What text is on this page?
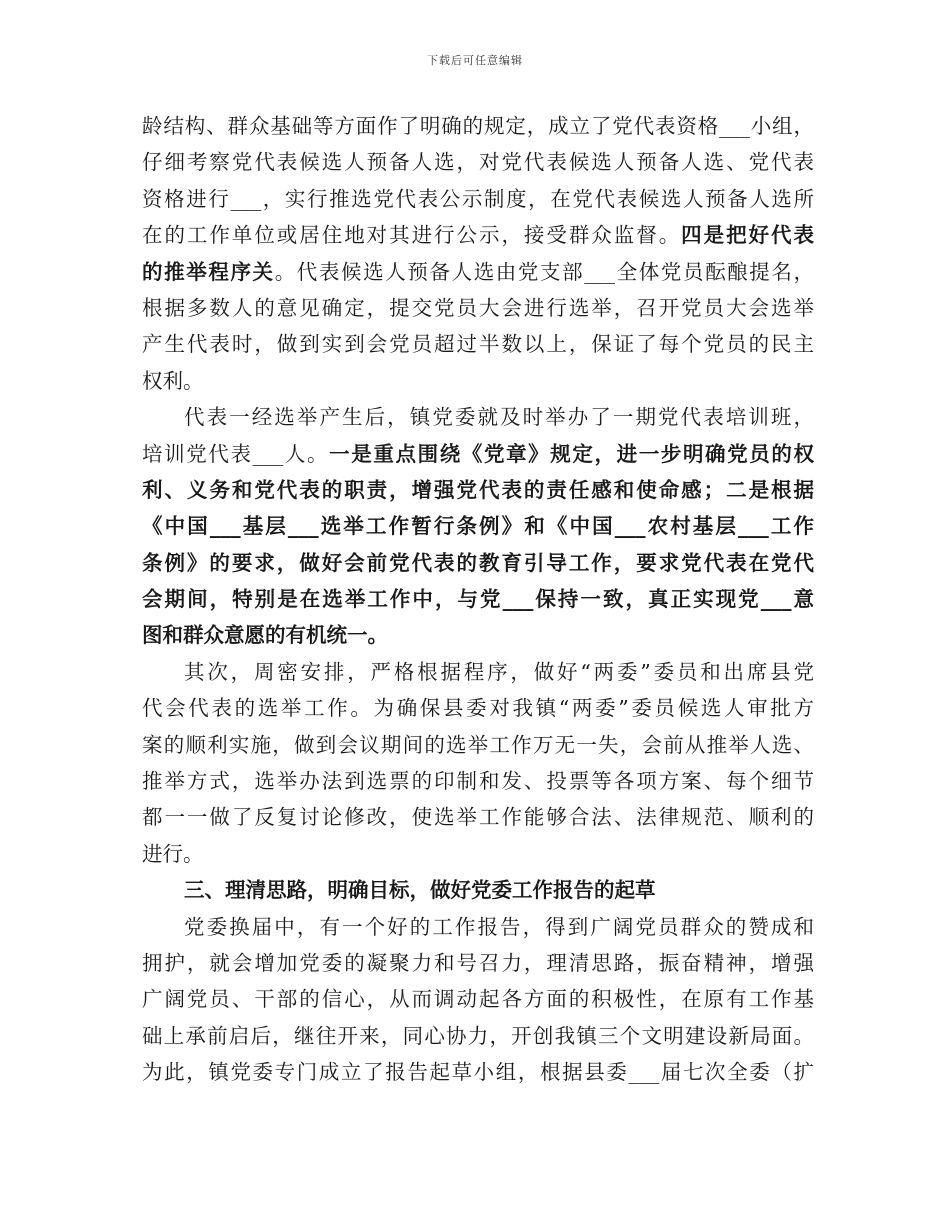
下载后可任意编辑
龄结构、群众基础等方面作了明确的规定，成立了党代表资格___小组，
仔细考察党代表候选人预备人选，对党代表候选人预备人选、党代表
资格进行___，实行推选党代表公示制度，在党代表候选人预备人选所
在的工作单位或居住地对其进行公示，接受群众监督。四是把好代表
的推举程序关。代表候选人预备人选由党支部___全体党员酝酿提名，
根据多数人的意见确定，提交党员大会进行选举，召开党员大会选举
产生代表时，做到实到会党员超过半数以上，保证了每个党员的民主
权利。
代表一经选举产生后，镇党委就及时举办了一期党代表培训班，
培训党代表___人。一是重点围绕《党章》规定，进一步明确党员的权
利、义务和党代表的职责，增强党代表的责任感和使命感；二是根据
《中国___基层___选举工作暂行条例》和《中国___农村基层___工作
条例》的要求，做好会前党代表的教育引导工作，要求党代表在党代
会期间，特别是在选举工作中，与党___保持一致，真正实现党___意
图和群众意愿的有机统一。
其次，周密安排，严格根据程序，做好“两委”委员和出席县党
代会代表的选举工作。为确保县委对我镇“两委”委员候选人审批方
案的顺利实施，做到会议期间的选举工作万无一失，会前从推举人选、
推举方式，选举办法到选票的印制和发、投票等各项方案、每个细节
都一一做了反复讨论修改，使选举工作能够合法、法律规范、顺利的
进行。
三、理清思路，明确目标，做好党委工作报告的起草
党委换届中，有一个好的工作报告，得到广阔党员群众的赞成和
拥护，就会增加党委的凝聚力和号召力，理清思路，振奋精神，增强
广阔党员、干部的信心，从而调动起各方面的积极性，在原有工作基
础上承前启后，继往开来，同心协力，开创我镇三个文明建设新局面。
为此，镇党委专门成立了报告起草小组，根据县委___届七次全委（扩
